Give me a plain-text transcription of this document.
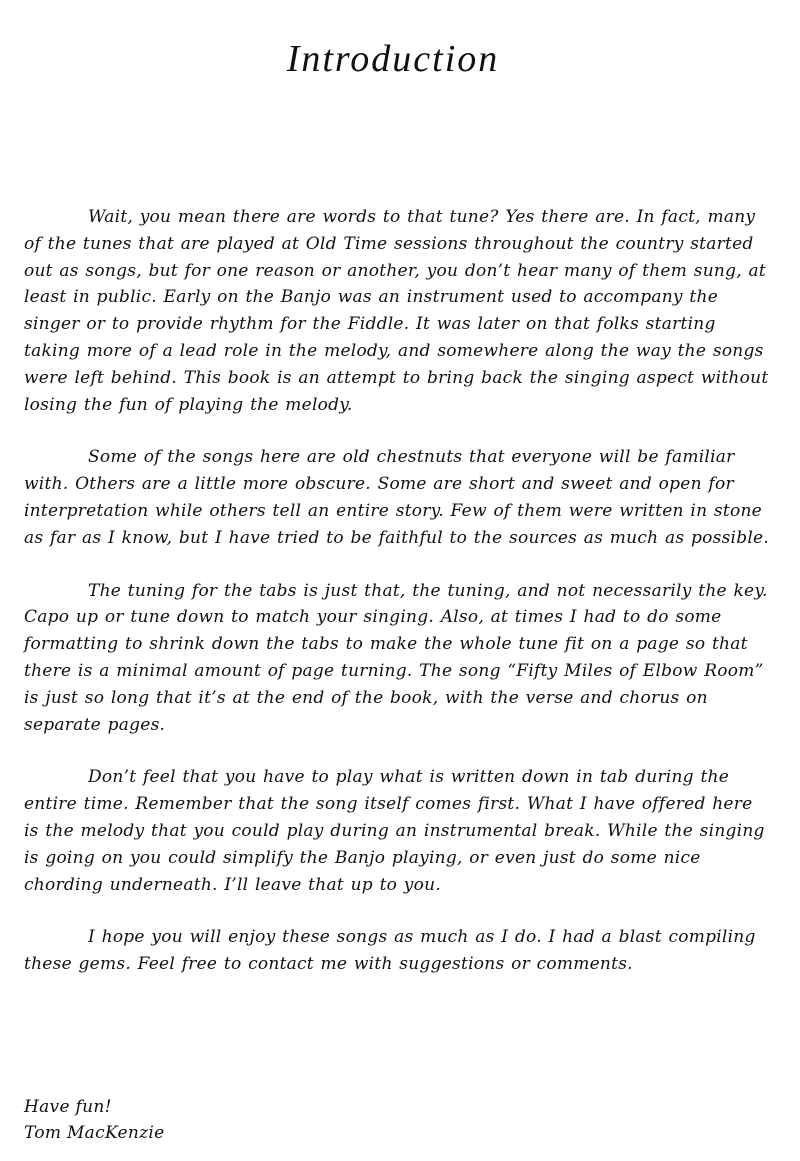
Introduction

Wait, you mean there are words to that tune? Yes there are. In fact, many of the tunes that are played at Old Time sessions throughout the country started out as songs, but for one reason or another, you don’t hear many of them sung, at least in public. Early on the Banjo was an instrument used to accompany the singer or to provide rhythm for the Fiddle. It was later on that folks starting taking more of a lead role in the melody, and somewhere along the way the songs were left behind. This book is an attempt to bring back the singing aspect without losing the fun of playing the melody.

Some of the songs here are old chestnuts that everyone will be familiar with. Others are a little more obscure. Some are short and sweet and open for interpretation while others tell an entire story. Few of them were written in stone as far as I know, but I have tried to be faithful to the sources as much as possible.

The tuning for the tabs is just that, the tuning, and not necessarily the key. Capo up or tune down to match your singing. Also, at times I had to do some formatting to shrink down the tabs to make the whole tune fit on a page so that there is a minimal amount of page turning. The song “Fifty Miles of Elbow Room” is just so long that it’s at the end of the book, with the verse and chorus on separate pages.

Don’t feel that you have to play what is written down in tab during the entire time. Remember that the song itself comes first. What I have offered here is the melody that you could play during an instrumental break. While the singing is going on you could simplify the Banjo playing, or even just do some nice chording underneath. I’ll leave that up to you.

I hope you will enjoy these songs as much as I do. I had a blast compiling these gems. Feel free to contact me with suggestions or comments.

Have fun!
Tom MacKenzie
